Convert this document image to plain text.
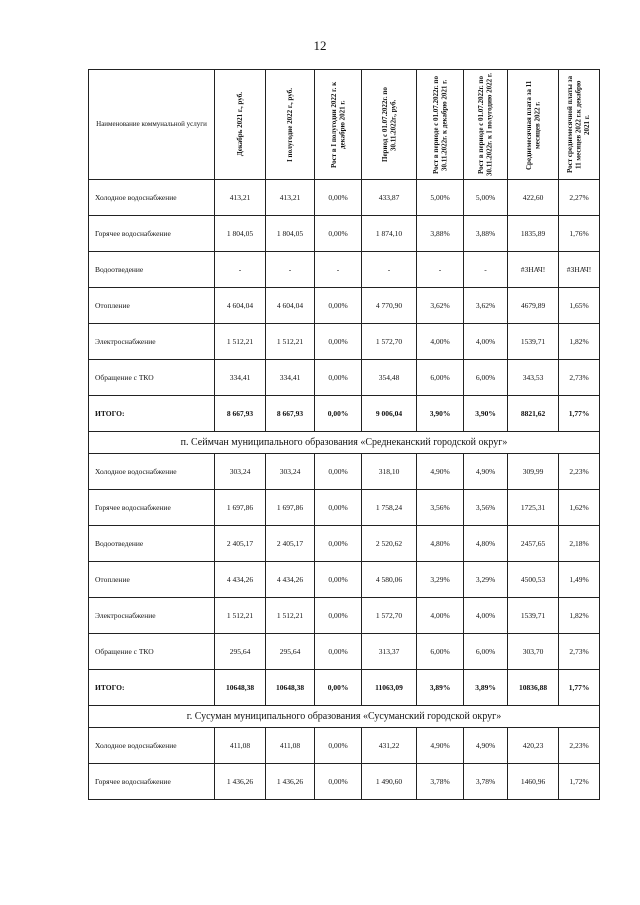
12
Наименование коммунальной услуги	Декабрь 2021 г., руб.	I полугодие 2022 г., руб.	Рост в I полугодии 2022 г. к декабрю 2021 г.	Период с 01.07.2022г. по 30.11.2022г., руб.	Рост в периоде с 01.07.2022г. по 30.11.2022г. к декабрю 2021 г.	Рост в периоде с 01.07.2022г. по 30.11.2022г. к I полугодию 2022 г.	Среднемесячная плата за 11 месяцев 2022 г.	Рост среднемесячной платы за 11 месяцев 2022 г.к декабрю 2021 г.

Холодное водоснабжение	413,21	413,21	0,00%	433,87	5,00%	5,00%	422,60	2,27%
Горячее водоснабжение	1 804,05	1 804,05	0,00%	1 874,10	3,88%	3,88%	1835,89	1,76%
Водоотведение	-	-	-	-	-	-	#ЗНАЧ!	#ЗНАЧ!
Отопление	4 604,04	4 604,04	0,00%	4 770,90	3,62%	3,62%	4679,89	1,65%
Электроснабжение	1 512,21	1 512,21	0,00%	1 572,70	4,00%	4,00%	1539,71	1,82%
Обращение с ТКО	334,41	334,41	0,00%	354,48	6,00%	6,00%	343,53	2,73%
ИТОГО:	8 667,93	8 667,93	0,00%	9 006,04	3,90%	3,90%	8821,62	1,77%
п. Сеймчан муниципального образования «Среднеканский городской округ»								
Холодное водоснабжение	303,24	303,24	0,00%	318,10	4,90%	4,90%	309,99	2,23%
Горячее водоснабжение	1 697,86	1 697,86	0,00%	1 758,24	3,56%	3,56%	1725,31	1,62%
Водоотведение	2 405,17	2 405,17	0,00%	2 520,62	4,80%	4,80%	2457,65	2,18%
Отопление	4 434,26	4 434,26	0,00%	4 580,06	3,29%	3,29%	4500,53	1,49%
Электроснабжение	1 512,21	1 512,21	0,00%	1 572,70	4,00%	4,00%	1539,71	1,82%
Обращение с ТКО	295,64	295,64	0,00%	313,37	6,00%	6,00%	303,70	2,73%
ИТОГО:	10648,38	10648,38	0,00%	11063,09	3,89%	3,89%	10836,88	1,77%
г. Сусуман муниципального образования «Сусуманский городской округ»								
Холодное водоснабжение	411,08	411,08	0,00%	431,22	4,90%	4,90%	420,23	2,23%
Горячее водоснабжение	1 436,26	1 436,26	0,00%	1 490,60	3,78%	3,78%	1460,96	1,72%
